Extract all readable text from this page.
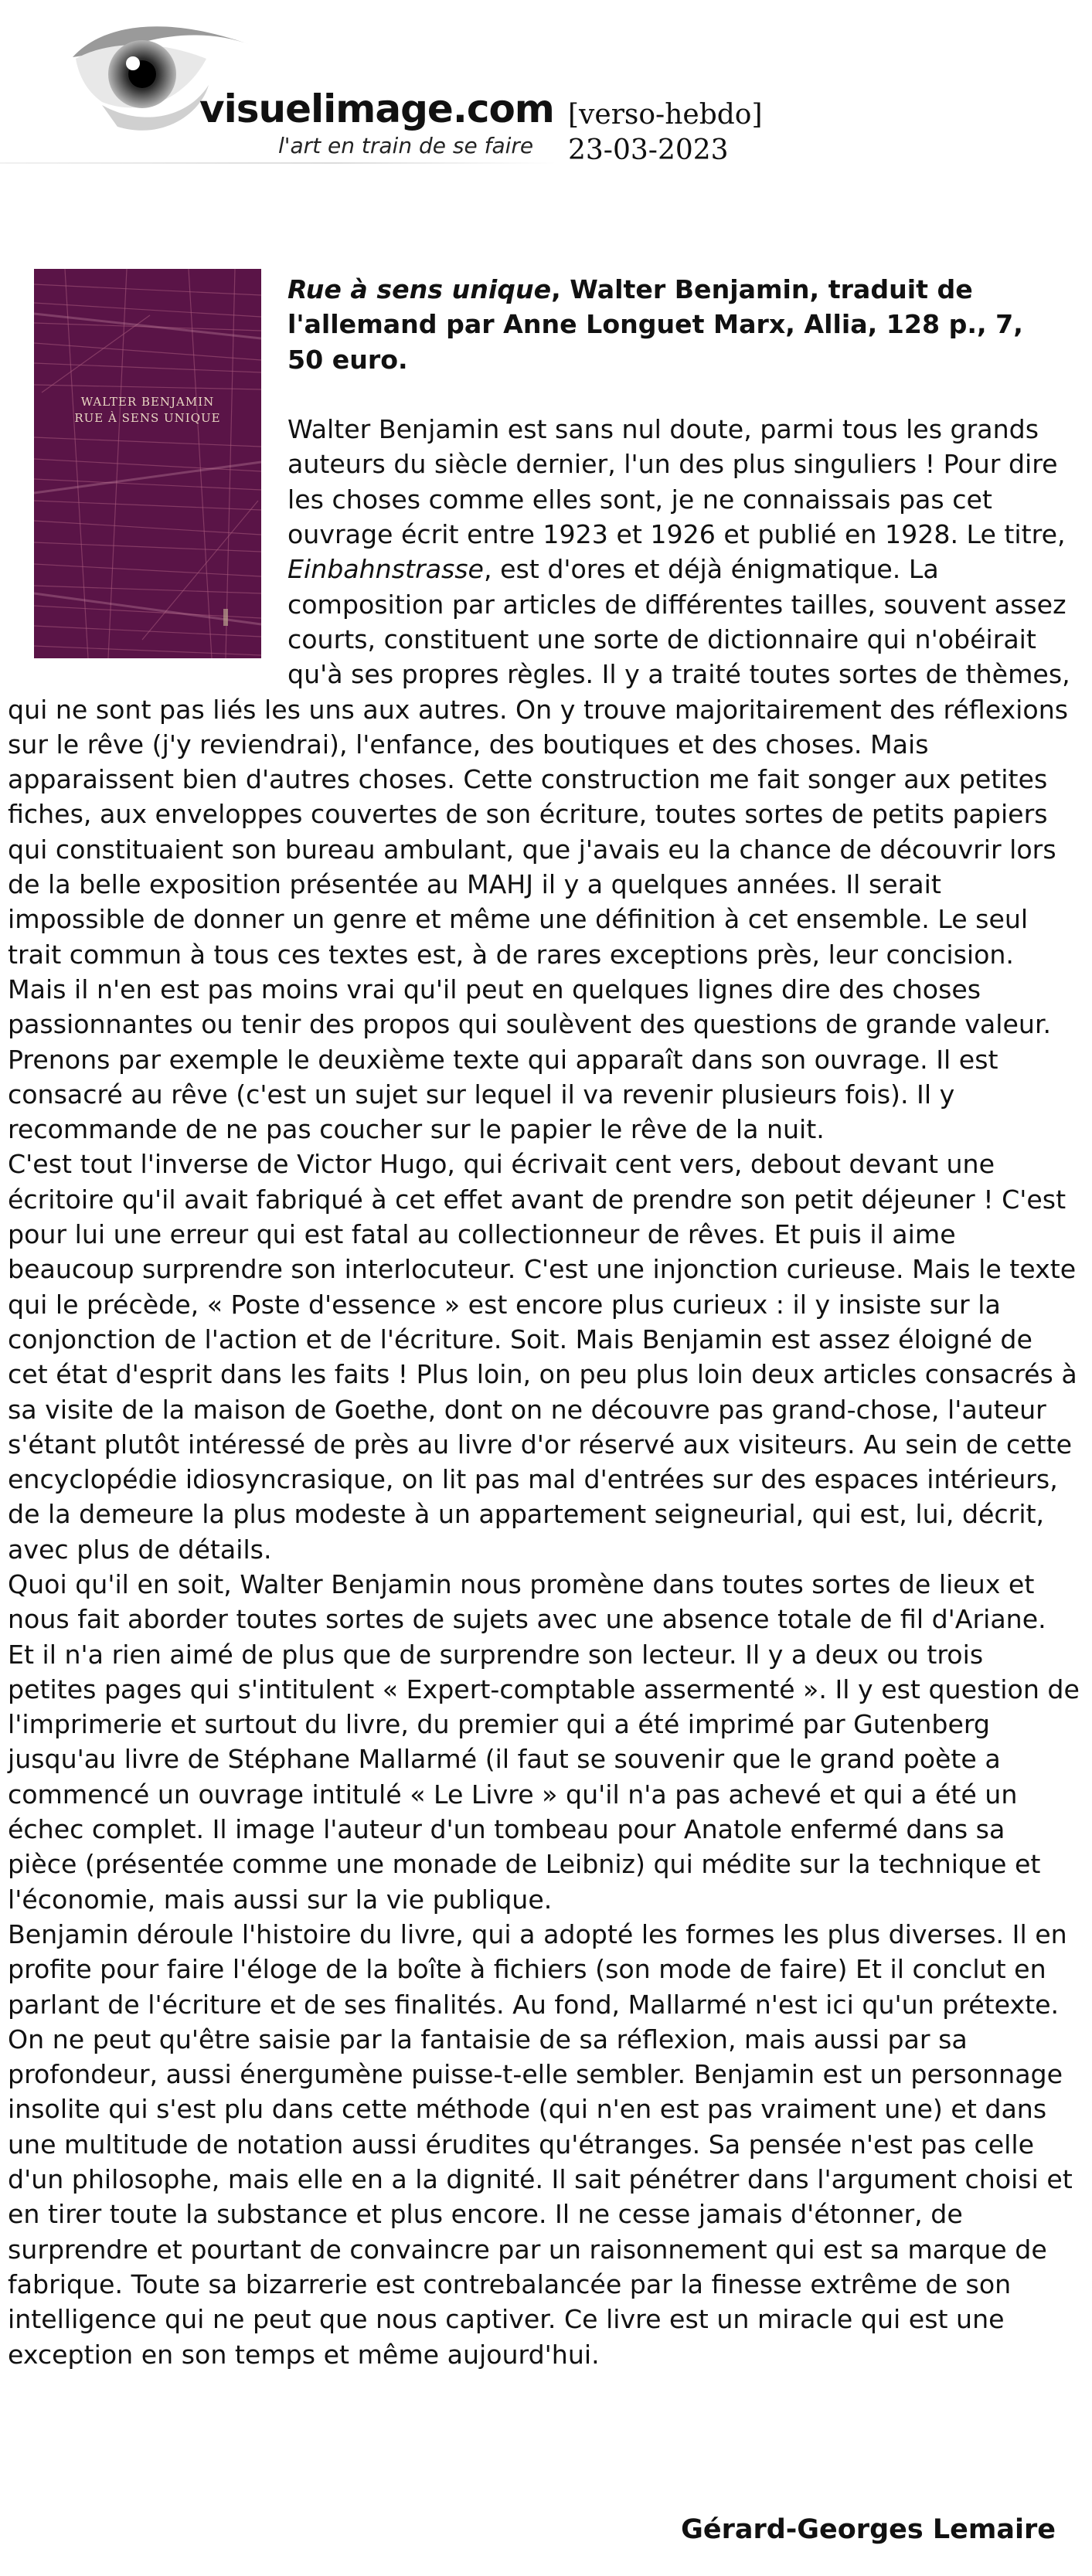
visuelimage.com
l'art en train de se faire
[verso-hebdo]
23-03-2023
WALTER BENJAMIN
RUE À SENS UNIQUE
Rue à sens unique, Walter Benjamin, traduit de l'allemand par Anne Longuet Marx, Allia, 128 p., 7, 50 euro.

Walter Benjamin est sans nul doute, parmi tous les grands auteurs du siècle dernier, l'un des plus singuliers ! Pour dire les choses comme elles sont, je ne connaissais pas cet ouvrage écrit entre 1923 et 1926 et publié en 1928. Le titre, Einbahnstrasse, est d'ores et déjà énigmatique. La composition par articles de différentes tailles, souvent assez courts, constituent une sorte de dictionnaire qui n'obéirait qu'à ses propres règles. Il y a traité toutes sortes de thèmes, qui ne sont pas liés les uns aux autres. On y trouve majoritairement des réflexions sur le rêve (j'y reviendrai), l'enfance, des boutiques et des choses. Mais apparaissent bien d'autres choses. Cette construction me fait songer aux petites fiches, aux enveloppes couvertes de son écriture, toutes sortes de petits papiers qui constituaient son bureau ambulant, que j'avais eu la chance de découvrir lors de la belle exposition présentée au MAHJ il y a quelques années. Il serait impossible de donner un genre et même une définition à cet ensemble. Le seul trait commun à tous ces textes est, à de rares exceptions près, leur concision. Mais il n'en est pas moins vrai qu'il peut en quelques lignes dire des choses passionnantes ou tenir des propos qui soulèvent des questions de grande valeur. Prenons par exemple le deuxième texte qui apparaît dans son ouvrage. Il est consacré au rêve (c'est un sujet sur lequel il va revenir plusieurs fois). Il y recommande de ne pas coucher sur le papier le rêve de la nuit.

C'est tout l'inverse de Victor Hugo, qui écrivait cent vers, debout devant une écritoire qu'il avait fabriqué à cet effet avant de prendre son petit déjeuner ! C'est pour lui une erreur qui est fatal au collectionneur de rêves. Et puis il aime beaucoup surprendre son interlocuteur. C'est une injonction curieuse. Mais le texte qui le précède, « Poste d'essence » est encore plus curieux : il y insiste sur la conjonction de l'action et de l'écriture. Soit. Mais Benjamin est assez éloigné de cet état d'esprit dans les faits ! Plus loin, on peu plus loin deux articles consacrés à sa visite de la maison de Goethe, dont on ne découvre pas grand-chose, l'auteur s'étant plutôt intéressé de près au livre d'or réservé aux visiteurs. Au sein de cette encyclopédie idiosyncrasique, on lit pas mal d'entrées sur des espaces intérieurs, de la demeure la plus modeste à un appartement seigneurial, qui est, lui, décrit, avec plus de détails.

Quoi qu'il en soit, Walter Benjamin nous promène dans toutes sortes de lieux et nous fait aborder toutes sortes de sujets avec une absence totale de fil d'Ariane. Et il n'a rien aimé de plus que de surprendre son lecteur. Il y a deux ou trois petites pages qui s'intitulent « Expert-comptable assermenté ». Il y est question de l'imprimerie et surtout du livre, du premier qui a été imprimé par Gutenberg jusqu'au livre de Stéphane Mallarmé (il faut se souvenir que le grand poète a commencé un ouvrage intitulé « Le Livre » qu'il n'a pas achevé et qui a été un échec complet. Il image l'auteur d'un tombeau pour Anatole enfermé dans sa pièce (présentée comme une monade de Leibniz) qui médite sur la technique et l'économie, mais aussi sur la vie publique.

Benjamin déroule l'histoire du livre, qui a adopté les formes les plus diverses. Il en profite pour faire l'éloge de la boîte à fichiers (son mode de faire) Et il conclut en parlant de l'écriture et de ses finalités. Au fond, Mallarmé n'est ici qu'un prétexte. On ne peut qu'être saisie par la fantaisie de sa réflexion, mais aussi par sa profondeur, aussi énergumène puisse-t-elle sembler. Benjamin est un personnage insolite qui s'est plu dans cette méthode (qui n'en est pas vraiment une) et dans une multitude de notation aussi érudites qu'étranges. Sa pensée n'est pas celle d'un philosophe, mais elle en a la dignité. Il sait pénétrer dans l'argument choisi et en tirer toute la substance et plus encore. Il ne cesse jamais d'étonner, de surprendre et pourtant de convaincre par un raisonnement qui est sa marque de fabrique. Toute sa bizarrerie est contrebalancée par la finesse extrême de son intelligence qui ne peut que nous captiver. Ce livre est un miracle qui est une exception en son temps et même aujourd'hui.

Gérard-Georges Lemaire
